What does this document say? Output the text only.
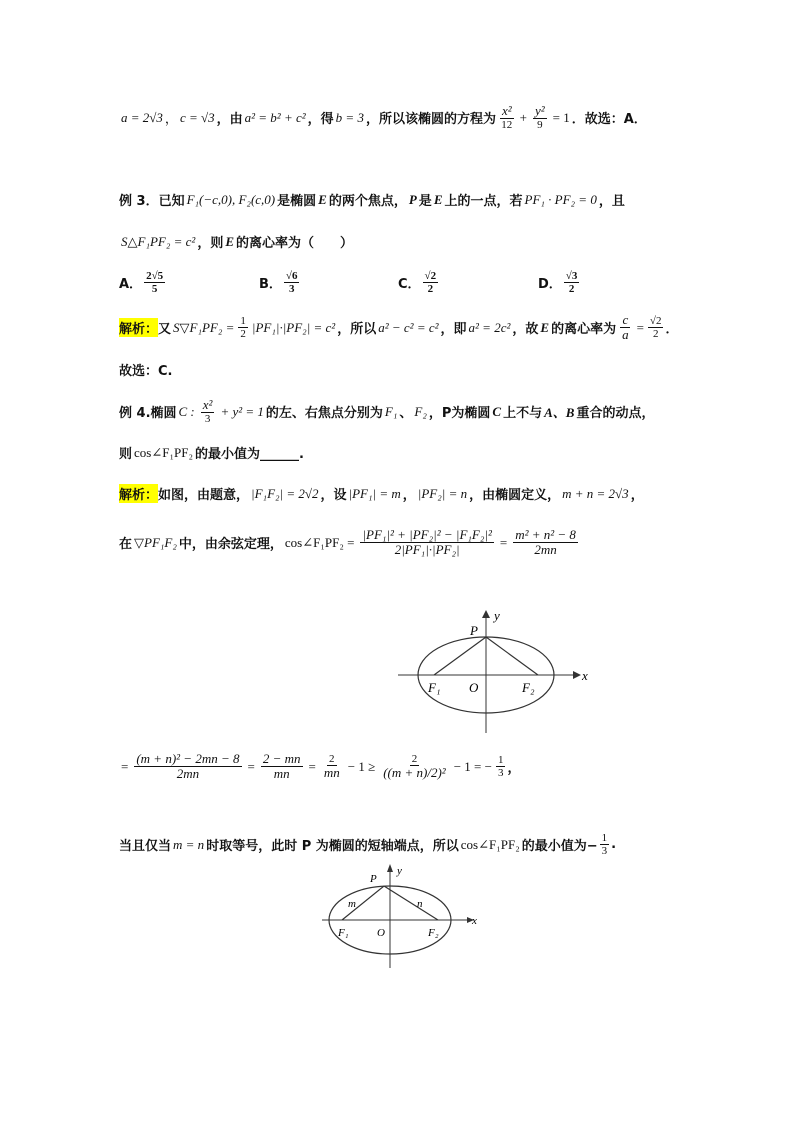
a = 2√3 ， c = √3 ，由 a² = b² + c² ，得 b = 3 ，所以该椭圆的方程为 $\frac{\text{x²}}{12} + \frac{\text{y²}}{9} = 1$ ．故选：A．
例 3．已知 F₁(−c,0), F₂(c,0) 是椭圆 E 的两个焦点， P 是 E 上的一点，若 PF₁ · PF₂ = 0 ，且
S△F₁PF₂ = c² ，则 E 的离心率为（　　）
A． $\frac{2√5}{5}$	B． $\frac{√6}{3}$	C． $\frac{√2}{2}$	D． $\frac{√3}{2}$
解析： 又 S▽F₁PF₂ = $\frac{1}{2} |PF_1|\cdot|PF_2| = c^2$ ，所以 a² − c² = c² ，即 a² = 2c² ，故 E 的离心率为 $\frac{c}{a} = \frac{√2}{2}$ ．
故选：C.
例 4.椭圆 C : $\frac{\text{x²}}{3} + y^2 = 1$ 的左、右焦点分别为 F₁ 、 F₂ ，P为椭圆 C 上不与 A、B 重合的动点，
则 cos∠F₁PF₂ 的最小值为______.
解析： 如图，由题意， |F₁F₂| = 2√2 ，设 |PF₁| = m ， |PF₂| = n ，由椭圆定义， m + n = 2√3 ，
在 ▽PF₁F₂ 中，由余弦定理， cos∠F₁PF₂ = $\frac{\text{|PF₁|² + |PF₂|² − |F₁F₂|²}}{\text{2|PF₁|·|PF₂|}} = \frac{\text{m² + n² − 8}}{2mn}$
y
x
P
F₁ O	F₂
= $\frac{\text{(m + n)² − 2mn − 8}}{2mn} = \frac{2 - mn}{mn} = \frac{2}{mn} - 1 \ge \frac{2}{\text{((m + n)/2)²}} - 1$ = − $\frac{1}{3}$ ，
当且仅当 m = n 时取等号，此时 P 为椭圆的短轴端点，所以 cos∠F₁PF₂ 的最小值为− $\frac{1}{3}$ .
y
x
P
m	n
F₁	O	F₂
